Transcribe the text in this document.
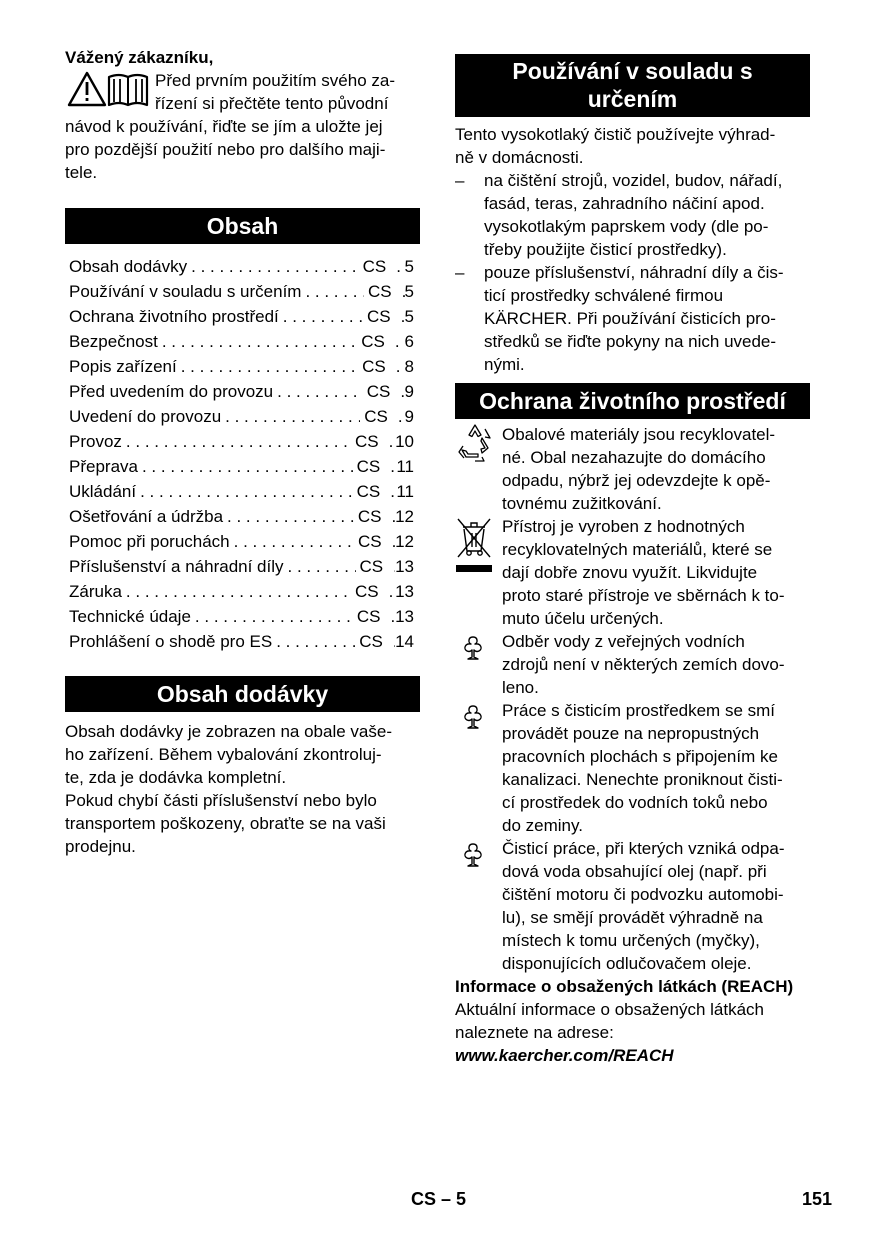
Vážený zákazníku,

Před prvním použitím svého za-

řízení si přečtěte tento původní

návod k používání, řiďte se jím a uložte jej

pro pozdější použití nebo pro dalšího maji-

tele.

Obsah
Obsah dodávky . . .	CS . . . 5
Používání v souladu s určením . . .	CS . . . 5
Ochrana životního prostředí . . .	CS . . . 5
Bezpečnost . . .	CS . . . 6
Popis zařízení . . .	CS . . . 8
Před uvedením do provozu . . .	CS . . . 9
Uvedení do provozu . . .	CS . . . 9
Provoz . . .	CS . . . 10
Přeprava . . .	CS . . . 11
Ukládání . . .	CS . . . 11
Ošetřování a údržba . . .	CS . . . 12
Pomoc při poruchách . . .	CS . . . 12
Příslušenství a náhradní díly . . .	CS . . . 13
Záruka . . .	CS . . . 13
Technické údaje . . .	CS . . . 13
Prohlášení o shodě pro ES . . .	CS . . . 14
Obsah dodávky

Obsah dodávky je zobrazen na obale vaše-

ho zařízení. Během vybalování zkontroluj-

te, zda je dodávka kompletní.

Pokud chybí části příslušenství nebo bylo

transportem poškozeny, obraťte se na vaši

prodejnu.

Používání v souladu s
určením

Tento vysokotlaký čistič používejte výhrad-

ně v domácnosti.

– na čištění strojů, vozidel, budov, nářadí,

fasád, teras, zahradního náčiní apod.

vysokotlakým paprskem vody (dle po-

třeby použijte čisticí prostředky).

– pouze příslušenství, náhradní díly a čis-

ticí prostředky schválené firmou

KÄRCHER. Při používání čisticích pro-

středků se řiďte pokyny na nich uvede-

nými.

Ochrana životního prostředí

Obalové materiály jsou recyklovatel-

né. Obal nezahazujte do domácího

odpadu, nýbrž jej odevzdejte k opě-

tovnému zužitkování.

Přístroj je vyroben z hodnotných

recyklovatelných materiálů, které se

dají dobře znovu využít. Likvidujte

proto staré přístroje ve sběrnách k to-

muto účelu určených.

Odběr vody z veřejných vodních

zdrojů není v některých zemích dovo-

leno.

Práce s čisticím prostředkem se smí

provádět pouze na nepropustných

pracovních plochách s připojením ke

kanalizaci. Nenechte proniknout čisti-

cí prostředek do vodních toků nebo

do zeminy.

Čisticí práce, při kterých vzniká odpa-

dová voda obsahující olej (např. při

čištění motoru či podvozku automobi-

lu), se smějí provádět výhradně na

místech k tomu určených (myčky),

disponujících odlučovačem oleje.

Informace o obsažených látkách (REACH)

Aktuální informace o obsažených látkách

naleznete na adrese:

www.kaercher.com/REACH

CS – 5	151
